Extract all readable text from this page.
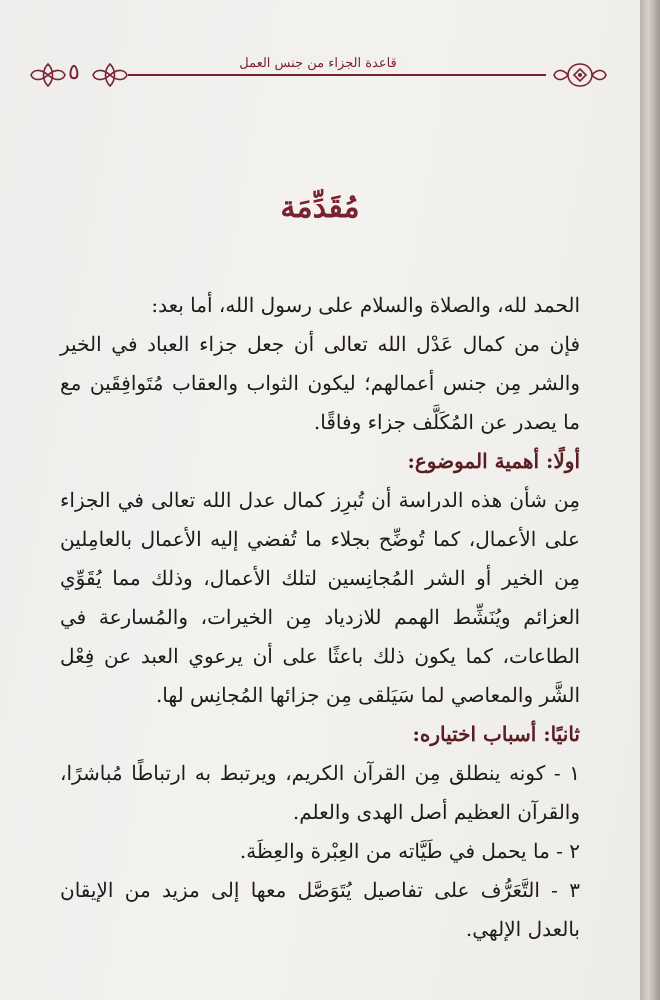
قاعدة الجزاء من جنس العمل
٥
مُقَدِّمَة

الحمد لله، والصلاة والسلام على رسول الله، أما بعد:

فإن من كمال عَدْل الله تعالى أن جعل جزاء العباد في الخير والشر مِن جنس أعمالهم؛ ليكون الثواب والعقاب مُتَوافِقَين مع ما يصدر عن المُكَلَّف جزاء وفاقًا.

أولًا: أهمية الموضوع:

مِن شأن هذه الدراسة أن تُبرِز كمال عدل الله تعالى في الجزاء على الأعمال، كما تُوضِّح بجلاء ما تُفضي إليه الأعمال بالعامِلين مِن الخير أو الشر المُجانِسين لتلك الأعمال، وذلك مما يُقَوِّي العزائم ويُنَشِّط الهمم للازدياد مِن الخيرات، والمُسارعة في الطاعات، كما يكون ذلك باعثًا على أن يرعوي العبد عن فِعْل الشَّر والمعاصي لما سَيَلقى مِن جزائها المُجانِس لها.

ثانيًا: أسباب اختياره:

١ - كونه ينطلق مِن القرآن الكريم، ويرتبط به ارتباطًا مُباشرًا، والقرآن العظيم أصل الهدى والعلم.

٢ - ما يحمل في طَيَّاته من العِبْرة والعِظَة.

٣ - التَّعَرُّف على تفاصيل يُتَوَصَّل معها إلى مزيد من الإيقان بالعدل الإلهي.
